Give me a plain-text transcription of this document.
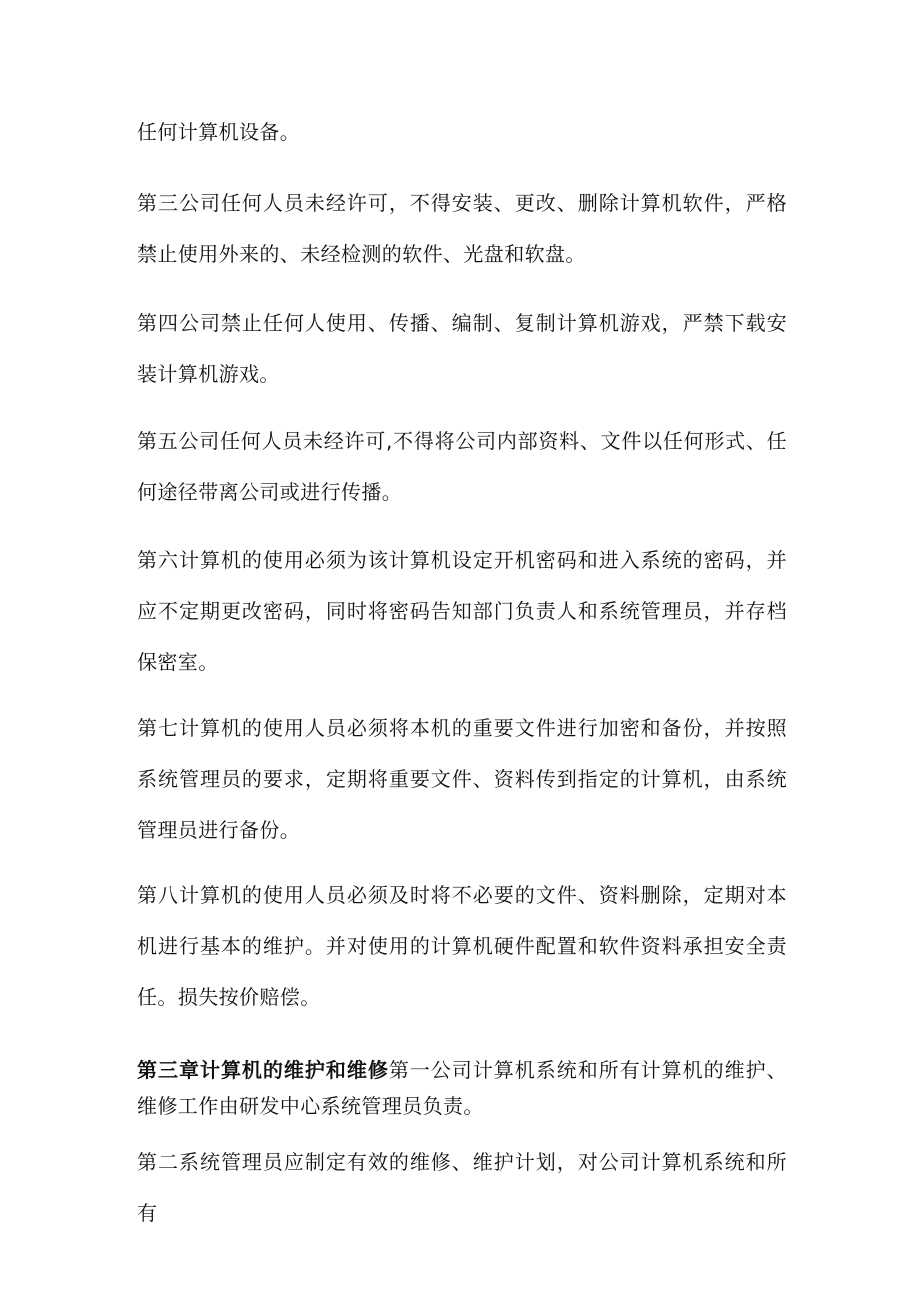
任何计算机设备。

第三公司任何人员未经许可，不得安装、更改、删除计算机软件，严格禁止使用外来的、未经检测的软件、光盘和软盘。

第四公司禁止任何人使用、传播、编制、复制计算机游戏，严禁下载安装计算机游戏。

第五公司任何人员未经许可,不得将公司内部资料、文件以任何形式、任何途径带离公司或进行传播。

第六计算机的使用必须为该计算机设定开机密码和进入系统的密码，并应不定期更改密码，同时将密码告知部门负责人和系统管理员，并存档保密室。

第七计算机的使用人员必须将本机的重要文件进行加密和备份，并按照系统管理员的要求，定期将重要文件、资料传到指定的计算机，由系统管理员进行备份。

第八计算机的使用人员必须及时将不必要的文件、资料删除，定期对本机进行基本的维护。并对使用的计算机硬件配置和软件资料承担安全责任。损失按价赔偿。

第三章计算机的维护和维修第一公司计算机系统和所有计算机的维护、维修工作由研发中心系统管理员负责。

第二系统管理员应制定有效的维修、维护计划，对公司计算机系统和所有
